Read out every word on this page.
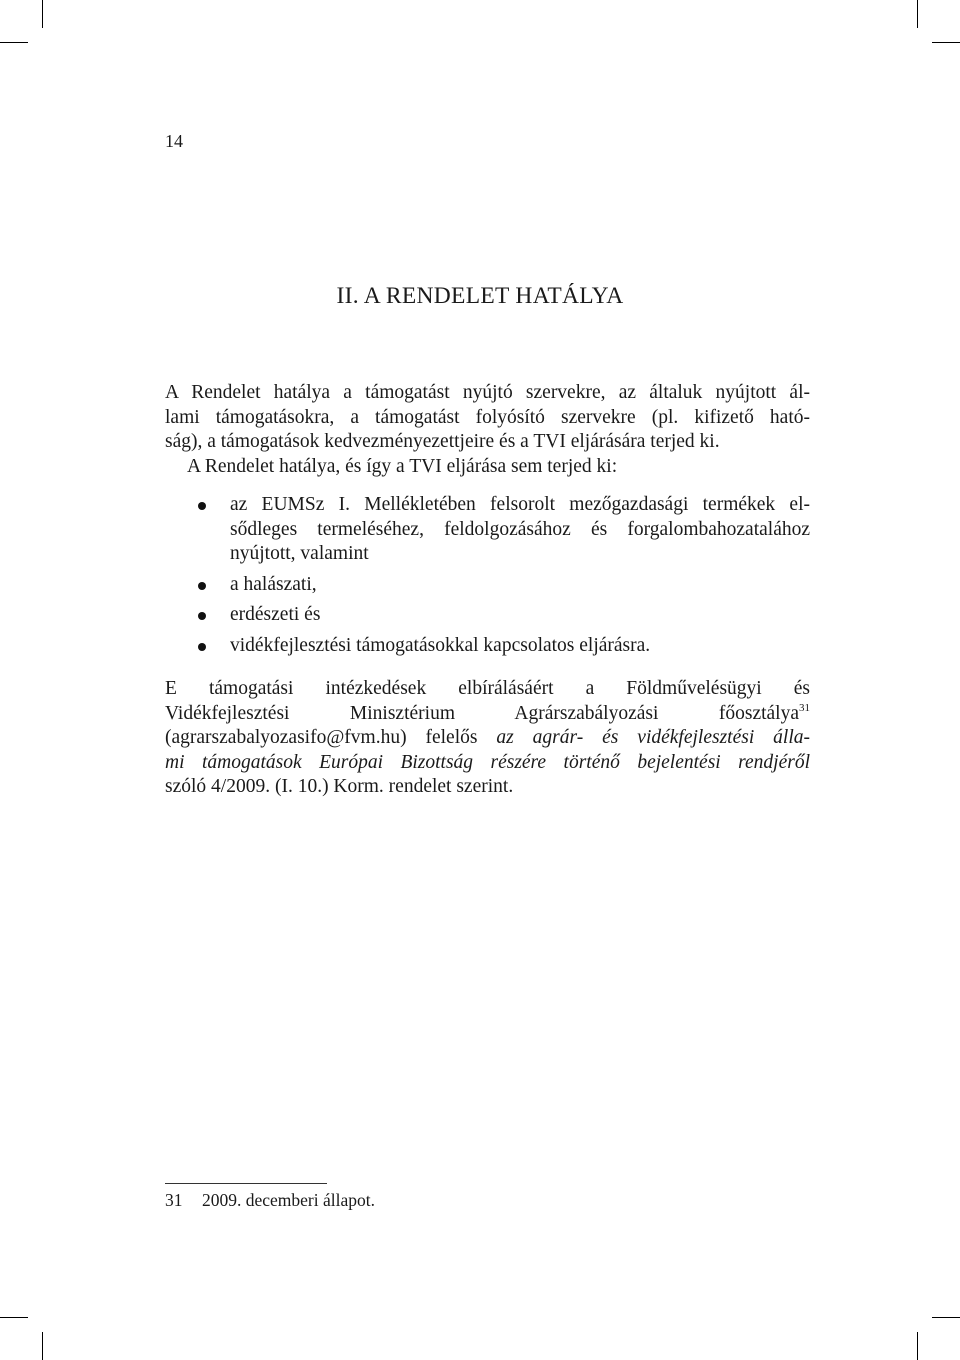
14
II. A RENDELET HATÁLYA
A Rendelet hatálya a támogatást nyújtó szervekre, az általuk nyújtott ál-
lami támogatásokra, a támogatást folyósító szervekre (pl. kifizető ható-
ság), a támogatások kedvezményezettjeire és a TVI eljárására terjed ki.
A Rendelet hatálya, és így a TVI eljárása sem terjed ki:
az EUMSz I. Mellékletében felsorolt mezőgazdasági termékek el-
sődleges termeléséhez, feldolgozásához és forgalombahozatalához
nyújtott, valamint
a halászati,
erdészeti és
vidékfejlesztési támogatásokkal kapcsolatos eljárásra.
E támogatási intézkedések elbírálásáért a Földművelésügyi és
Vidékfejlesztési Minisztérium Agrárszabályozási főosztálya$^{31}$
(agrarszabalyozasifo@fvm.hu) felelős az agrár- és vidékfejlesztési álla-
mi támogatások Európai Bizottság részére történő bejelentési rendjéről
szóló 4/2009. (I. 10.) Korm. rendelet szerint.
31 2009. decemberi állapot.
